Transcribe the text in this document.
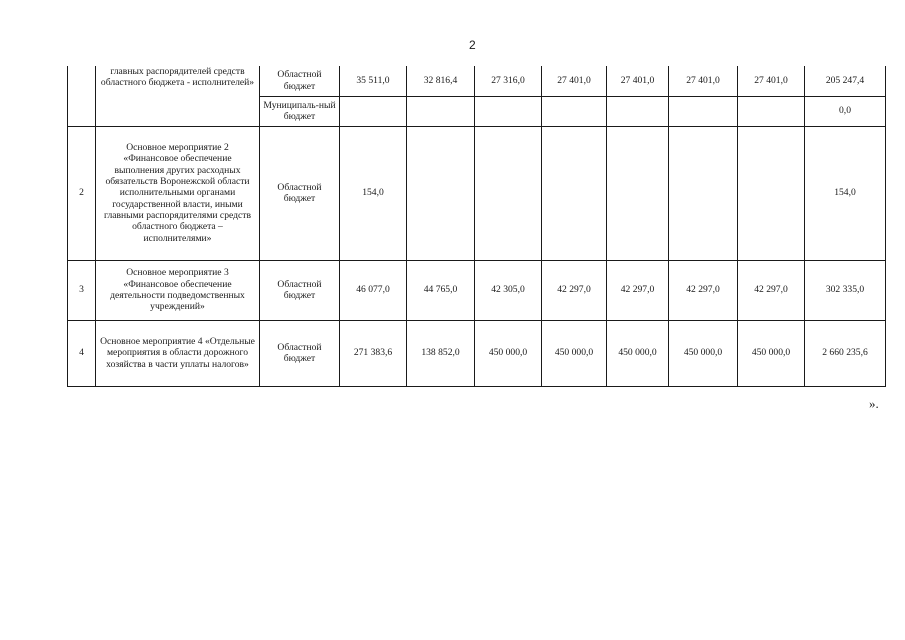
2
	главных распорядителей средств областного бюджета - исполнителей»	Областной бюджет	35 511,0	32 816,4	27 316,0	27 401,0	27 401,0	27 401,0	27 401,0	205 247,4
		Муниципаль-ный бюджет								0,0
2	Основное мероприятие 2 «Финансовое обеспечение выполнения других расходных обязательств Воронежской области исполнительными органами государственной власти, иными главными распорядителями средств областного бюджета – исполнителями»	Областной бюджет	154,0							154,0
3	Основное мероприятие 3 «Финансовое обеспечение деятельности подведомственных учреждений»	Областной бюджет	46 077,0	44 765,0	42 305,0	42 297,0	42 297,0	42 297,0	42 297,0	302 335,0
4	Основное мероприятие 4 «Отдельные мероприятия в области дорожного хозяйства в части уплаты налогов»	Областной бюджет	271 383,6	138 852,0	450 000,0	450 000,0	450 000,0	450 000,0	450 000,0	2 660 235,6
».
